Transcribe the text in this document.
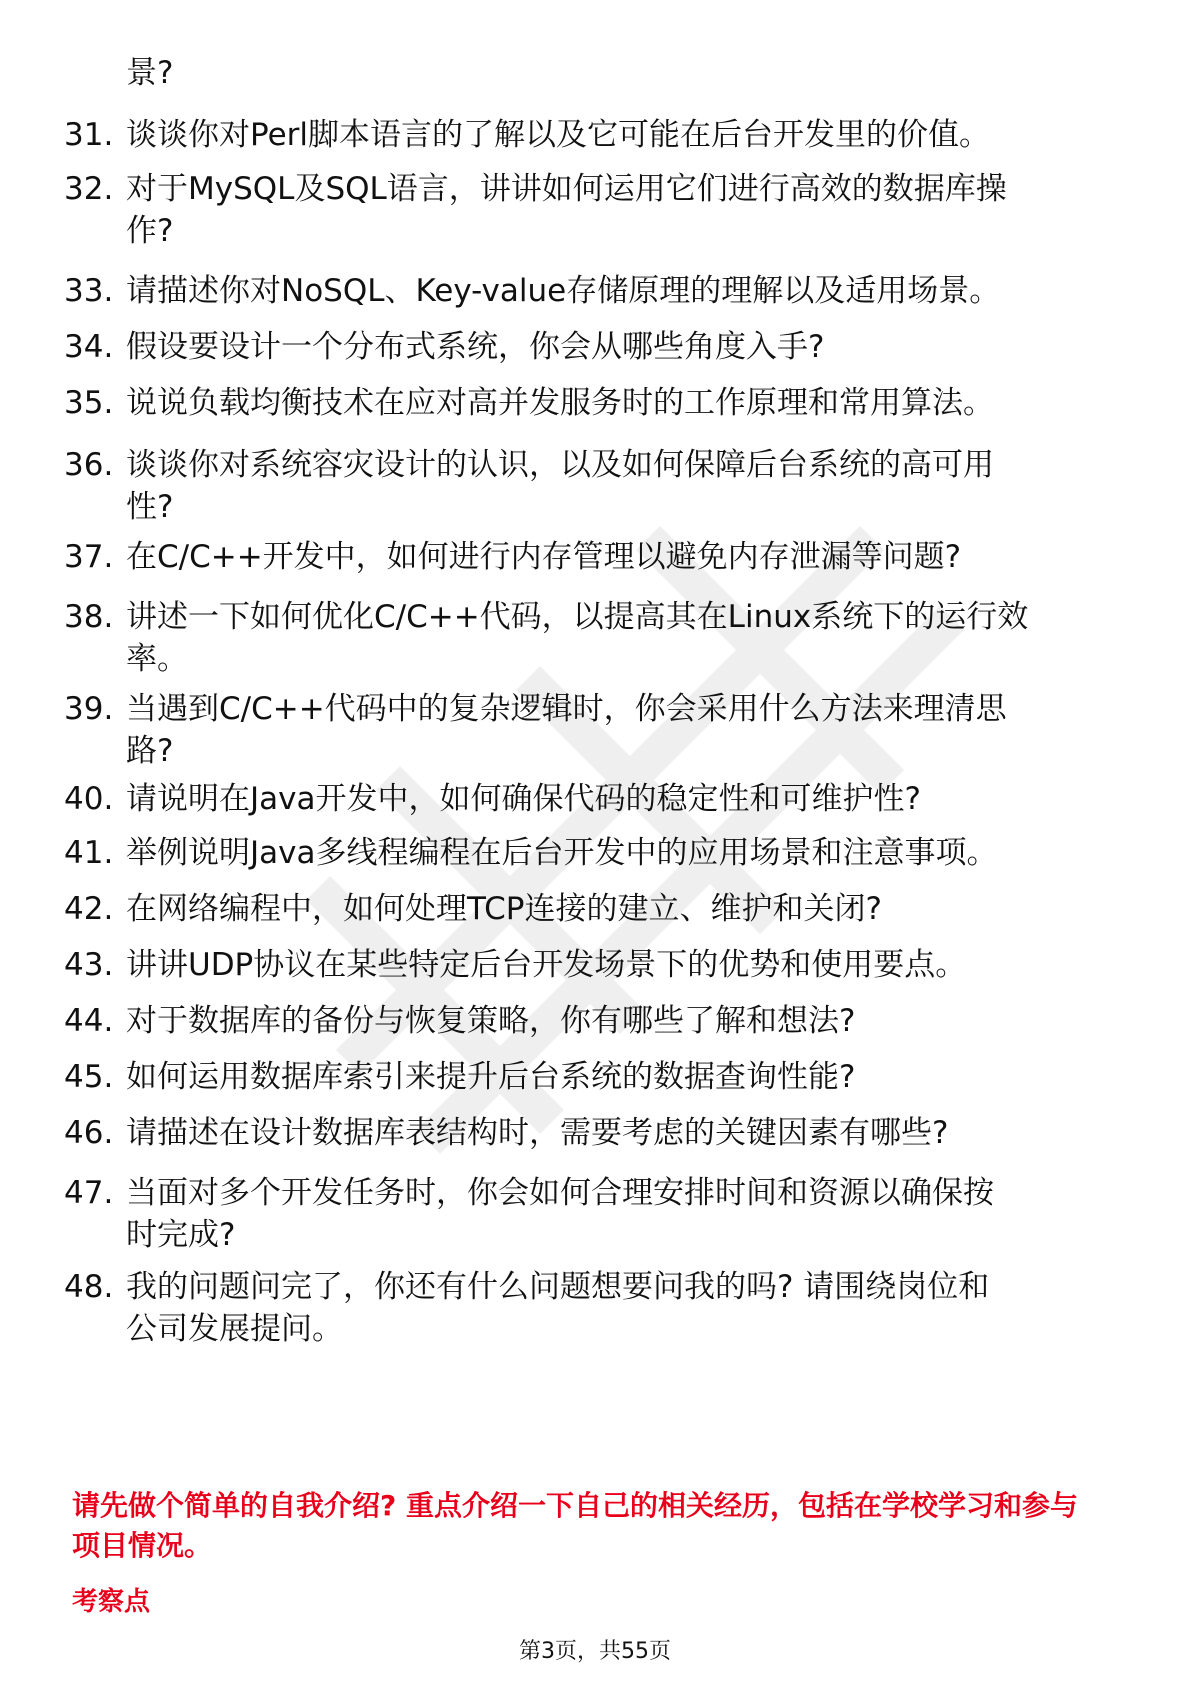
景?
31. 谈谈你对Perl脚本语言的了解以及它可能在后台开发里的价值。
32. 对于MySQL及SQL语言，讲讲如何运用它们进行高效的数据库操
作?
33. 请描述你对NoSQL、Key-value存储原理的理解以及适用场景。
34. 假设要设计一个分布式系统，你会从哪些角度入手?
35. 说说负载均衡技术在应对高并发服务时的工作原理和常用算法。
36. 谈谈你对系统容灾设计的认识，以及如何保障后台系统的高可用
性?
37. 在C/C++开发中，如何进行内存管理以避免内存泄漏等问题?
38. 讲述一下如何优化C/C++代码，以提高其在Linux系统下的运行效
率。
39. 当遇到C/C++代码中的复杂逻辑时，你会采用什么方法来理清思
路?
40. 请说明在Java开发中，如何确保代码的稳定性和可维护性?
41. 举例说明Java多线程编程在后台开发中的应用场景和注意事项。
42. 在网络编程中，如何处理TCP连接的建立、维护和关闭?
43. 讲讲UDP协议在某些特定后台开发场景下的优势和使用要点。
44. 对于数据库的备份与恢复策略，你有哪些了解和想法?
45. 如何运用数据库索引来提升后台系统的数据查询性能?
46. 请描述在设计数据库表结构时，需要考虑的关键因素有哪些?
47. 当面对多个开发任务时，你会如何合理安排时间和资源以确保按
时完成?
48. 我的问题问完了，你还有什么问题想要问我的吗? 请围绕岗位和
公司发展提问。
请先做个简单的自我介绍? 重点介绍一下自己的相关经历，包括在学校学习和参与
项目情况。
考察点
第3页，共55页
